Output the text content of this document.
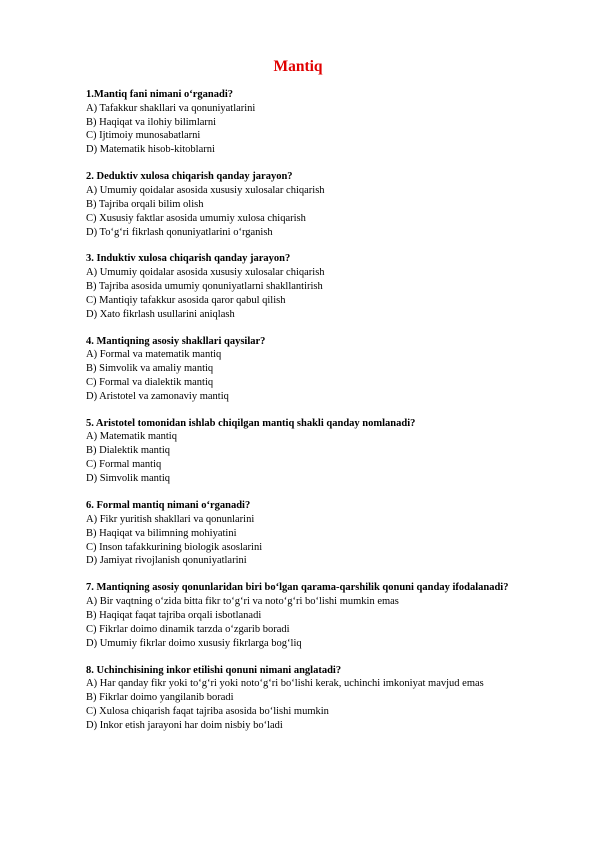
Mantiq
1.Mantiq fani nimani o‘rganadi?
A) Tafakkur shakllari va qonuniyatlarini
B) Haqiqat va ilohiy bilimlarni
C) Ijtimoiy munosabatlarni
D) Matematik hisob-kitoblarni
2. Deduktiv xulosa chiqarish qanday jarayon?
A) Umumiy qoidalar asosida xususiy xulosalar chiqarish
B) Tajriba orqali bilim olish
C) Xususiy faktlar asosida umumiy xulosa chiqarish
D) To‘g‘ri fikrlash qonuniyatlarini o‘rganish
3. Induktiv xulosa chiqarish qanday jarayon?
A) Umumiy qoidalar asosida xususiy xulosalar chiqarish
B) Tajriba asosida umumiy qonuniyatlarni shakllantirish
C) Mantiqiy tafakkur asosida qaror qabul qilish
D) Xato fikrlash usullarini aniqlash
4. Mantiqning asosiy shakllari qaysilar?
A) Formal va matematik mantiq
B) Simvolik va amaliy mantiq
C) Formal va dialektik mantiq
D) Aristotel va zamonaviy mantiq
5. Aristotel tomonidan ishlab chiqilgan mantiq shakli qanday nomlanadi?
A) Matematik mantiq
B) Dialektik mantiq
C) Formal mantiq
D) Simvolik mantiq
6. Formal mantiq nimani o‘rganadi?
A) Fikr yuritish shakllari va qonunlarini
B) Haqiqat va bilimning mohiyatini
C) Inson tafakkurining biologik asoslarini
D) Jamiyat rivojlanish qonuniyatlarini
7. Mantiqning asosiy qonunlaridan biri bo‘lgan qarama-qarshilik qonuni qanday ifodalanadi?
A) Bir vaqtning o‘zida bitta fikr to‘g‘ri va noto‘g‘ri bo‘lishi mumkin emas
B) Haqiqat faqat tajriba orqali isbotlanadi
C) Fikrlar doimo dinamik tarzda o‘zgarib boradi
D) Umumiy fikrlar doimo xususiy fikrlarga bog‘liq
8. Uchinchisining inkor etilishi qonuni nimani anglatadi?
A) Har qanday fikr yoki to‘g‘ri yoki noto‘g‘ri bo‘lishi kerak, uchinchi imkoniyat mavjud emas
B) Fikrlar doimo yangilanib boradi
C) Xulosa chiqarish faqat tajriba asosida bo‘lishi mumkin
D) Inkor etish jarayoni har doim nisbiy bo‘ladi
